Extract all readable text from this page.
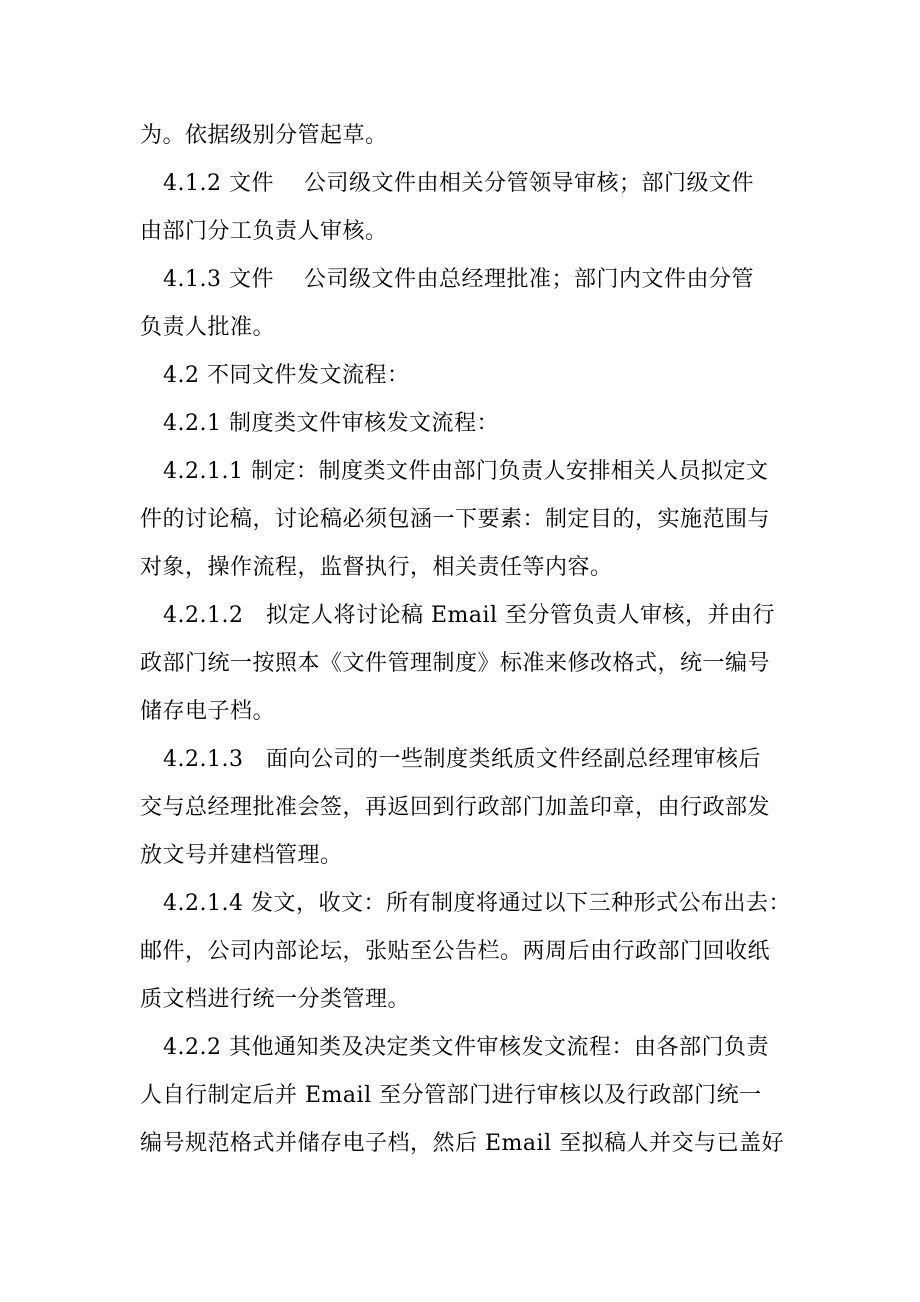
为。依据级别分管起草。
4.1.2 文件    公司级文件由相关分管领导审核；部门级文件
由部门分工负责人审核。
4.1.3 文件    公司级文件由总经理批准；部门内文件由分管
负责人批准。
4.2 不同文件发文流程：
4.2.1 制度类文件审核发文流程：
4.2.1.1 制定：制度类文件由部门负责人安排相关人员拟定文
件的讨论稿，讨论稿必须包涵一下要素：制定目的，实施范围与
对象，操作流程，监督执行，相关责任等内容。
4.2.1.2   拟定人将讨论稿 Email 至分管负责人审核，并由行
政部门统一按照本《文件管理制度》标准来修改格式，统一编号
储存电子档。
4.2.1.3   面向公司的一些制度类纸质文件经副总经理审核后
交与总经理批准会签，再返回到行政部门加盖印章，由行政部发
放文号并建档管理。
4.2.1.4 发文，收文：所有制度将通过以下三种形式公布出去：
邮件，公司内部论坛，张贴至公告栏。两周后由行政部门回收纸
质文档进行统一分类管理。
4.2.2 其他通知类及决定类文件审核发文流程：由各部门负责
人自行制定后并 Email 至分管部门进行审核以及行政部门统一
编号规范格式并储存电子档，然后 Email 至拟稿人并交与已盖好
